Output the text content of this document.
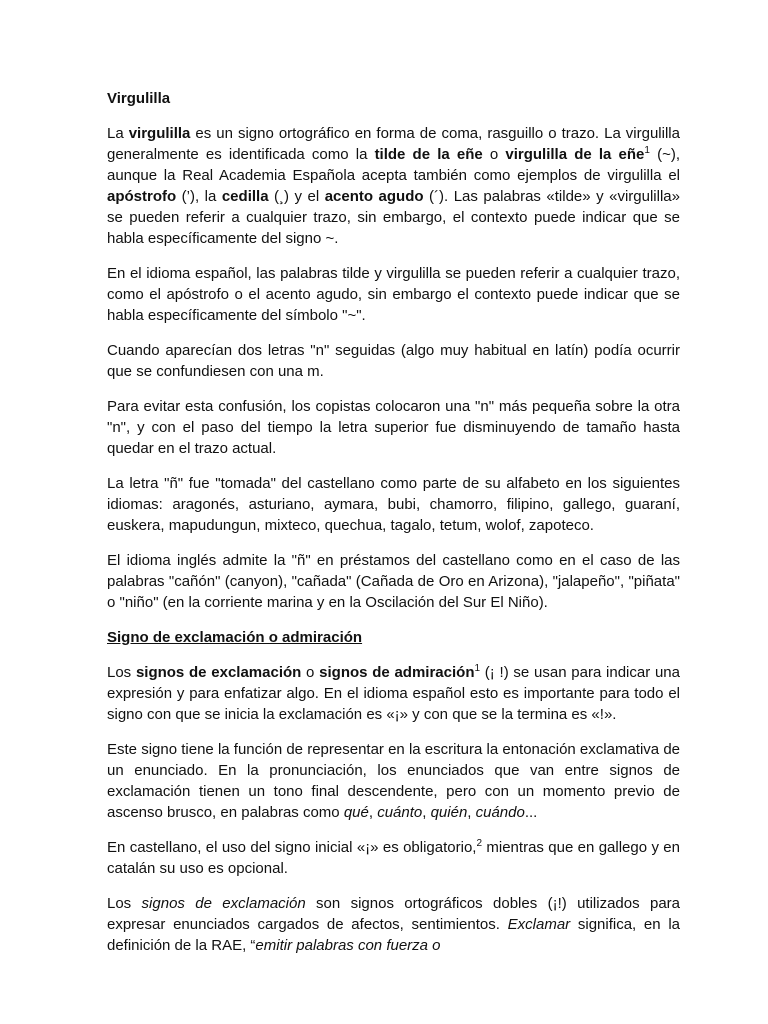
Virgulilla

La virgulilla es un signo ortográfico en forma de coma, rasguillo o trazo. La virgulilla generalmente es identificada como la tilde de la eñe o virgulilla de la eñe$^1$ (~), aunque la Real Academia Española acepta también como ejemplos de virgulilla el apóstrofo (’), la cedilla (¸) y el acento agudo (´). Las palabras «tilde» y «virgulilla» se pueden referir a cualquier trazo, sin embargo, el contexto puede indicar que se habla específicamente del signo ~.

En el idioma español, las palabras tilde y virgulilla se pueden referir a cualquier trazo, como el apóstrofo o el acento agudo, sin embargo el contexto puede indicar que se habla específicamente del símbolo "~".

Cuando aparecían dos letras "n" seguidas (algo muy habitual en latín) podía ocurrir que se confundiesen con una m.

Para evitar esta confusión, los copistas colocaron una "n" más pequeña sobre la otra "n", y con el paso del tiempo la letra superior fue disminuyendo de tamaño hasta quedar en el trazo actual.

La letra "ñ" fue "tomada" del castellano como parte de su alfabeto en los siguientes idiomas: aragonés, asturiano, aymara, bubi, chamorro, filipino, gallego, guaraní, euskera, mapudungun, mixteco, quechua, tagalo, tetum, wolof, zapoteco.

El idioma inglés admite la "ñ" en préstamos del castellano como en el caso de las palabras "cañón" (canyon), "cañada" (Cañada de Oro en Arizona), "jalapeño", "piñata" o "niño" (en la corriente marina y en la Oscilación del Sur El Niño).

Signo de exclamación o admiración

Los signos de exclamación o signos de admiración$^1$ (¡ !) se usan para indicar una expresión y para enfatizar algo. En el idioma español esto es importante para todo el signo con que se inicia la exclamación es «¡» y con que se la termina es «!».

Este signo tiene la función de representar en la escritura la entonación exclamativa de un enunciado. En la pronunciación, los enunciados que van entre signos de exclamación tienen un tono final descendente, pero con un momento previo de ascenso brusco, en palabras como qué, cuánto, quién, cuándo...

En castellano, el uso del signo inicial «¡» es obligatorio,$^2$ mientras que en gallego y en catalán su uso es opcional.

Los signos de exclamación son signos ortográficos dobles (¡!) utilizados para expresar enunciados cargados de afectos, sentimientos. Exclamar significa, en la definición de la RAE, “emitir palabras con fuerza o
